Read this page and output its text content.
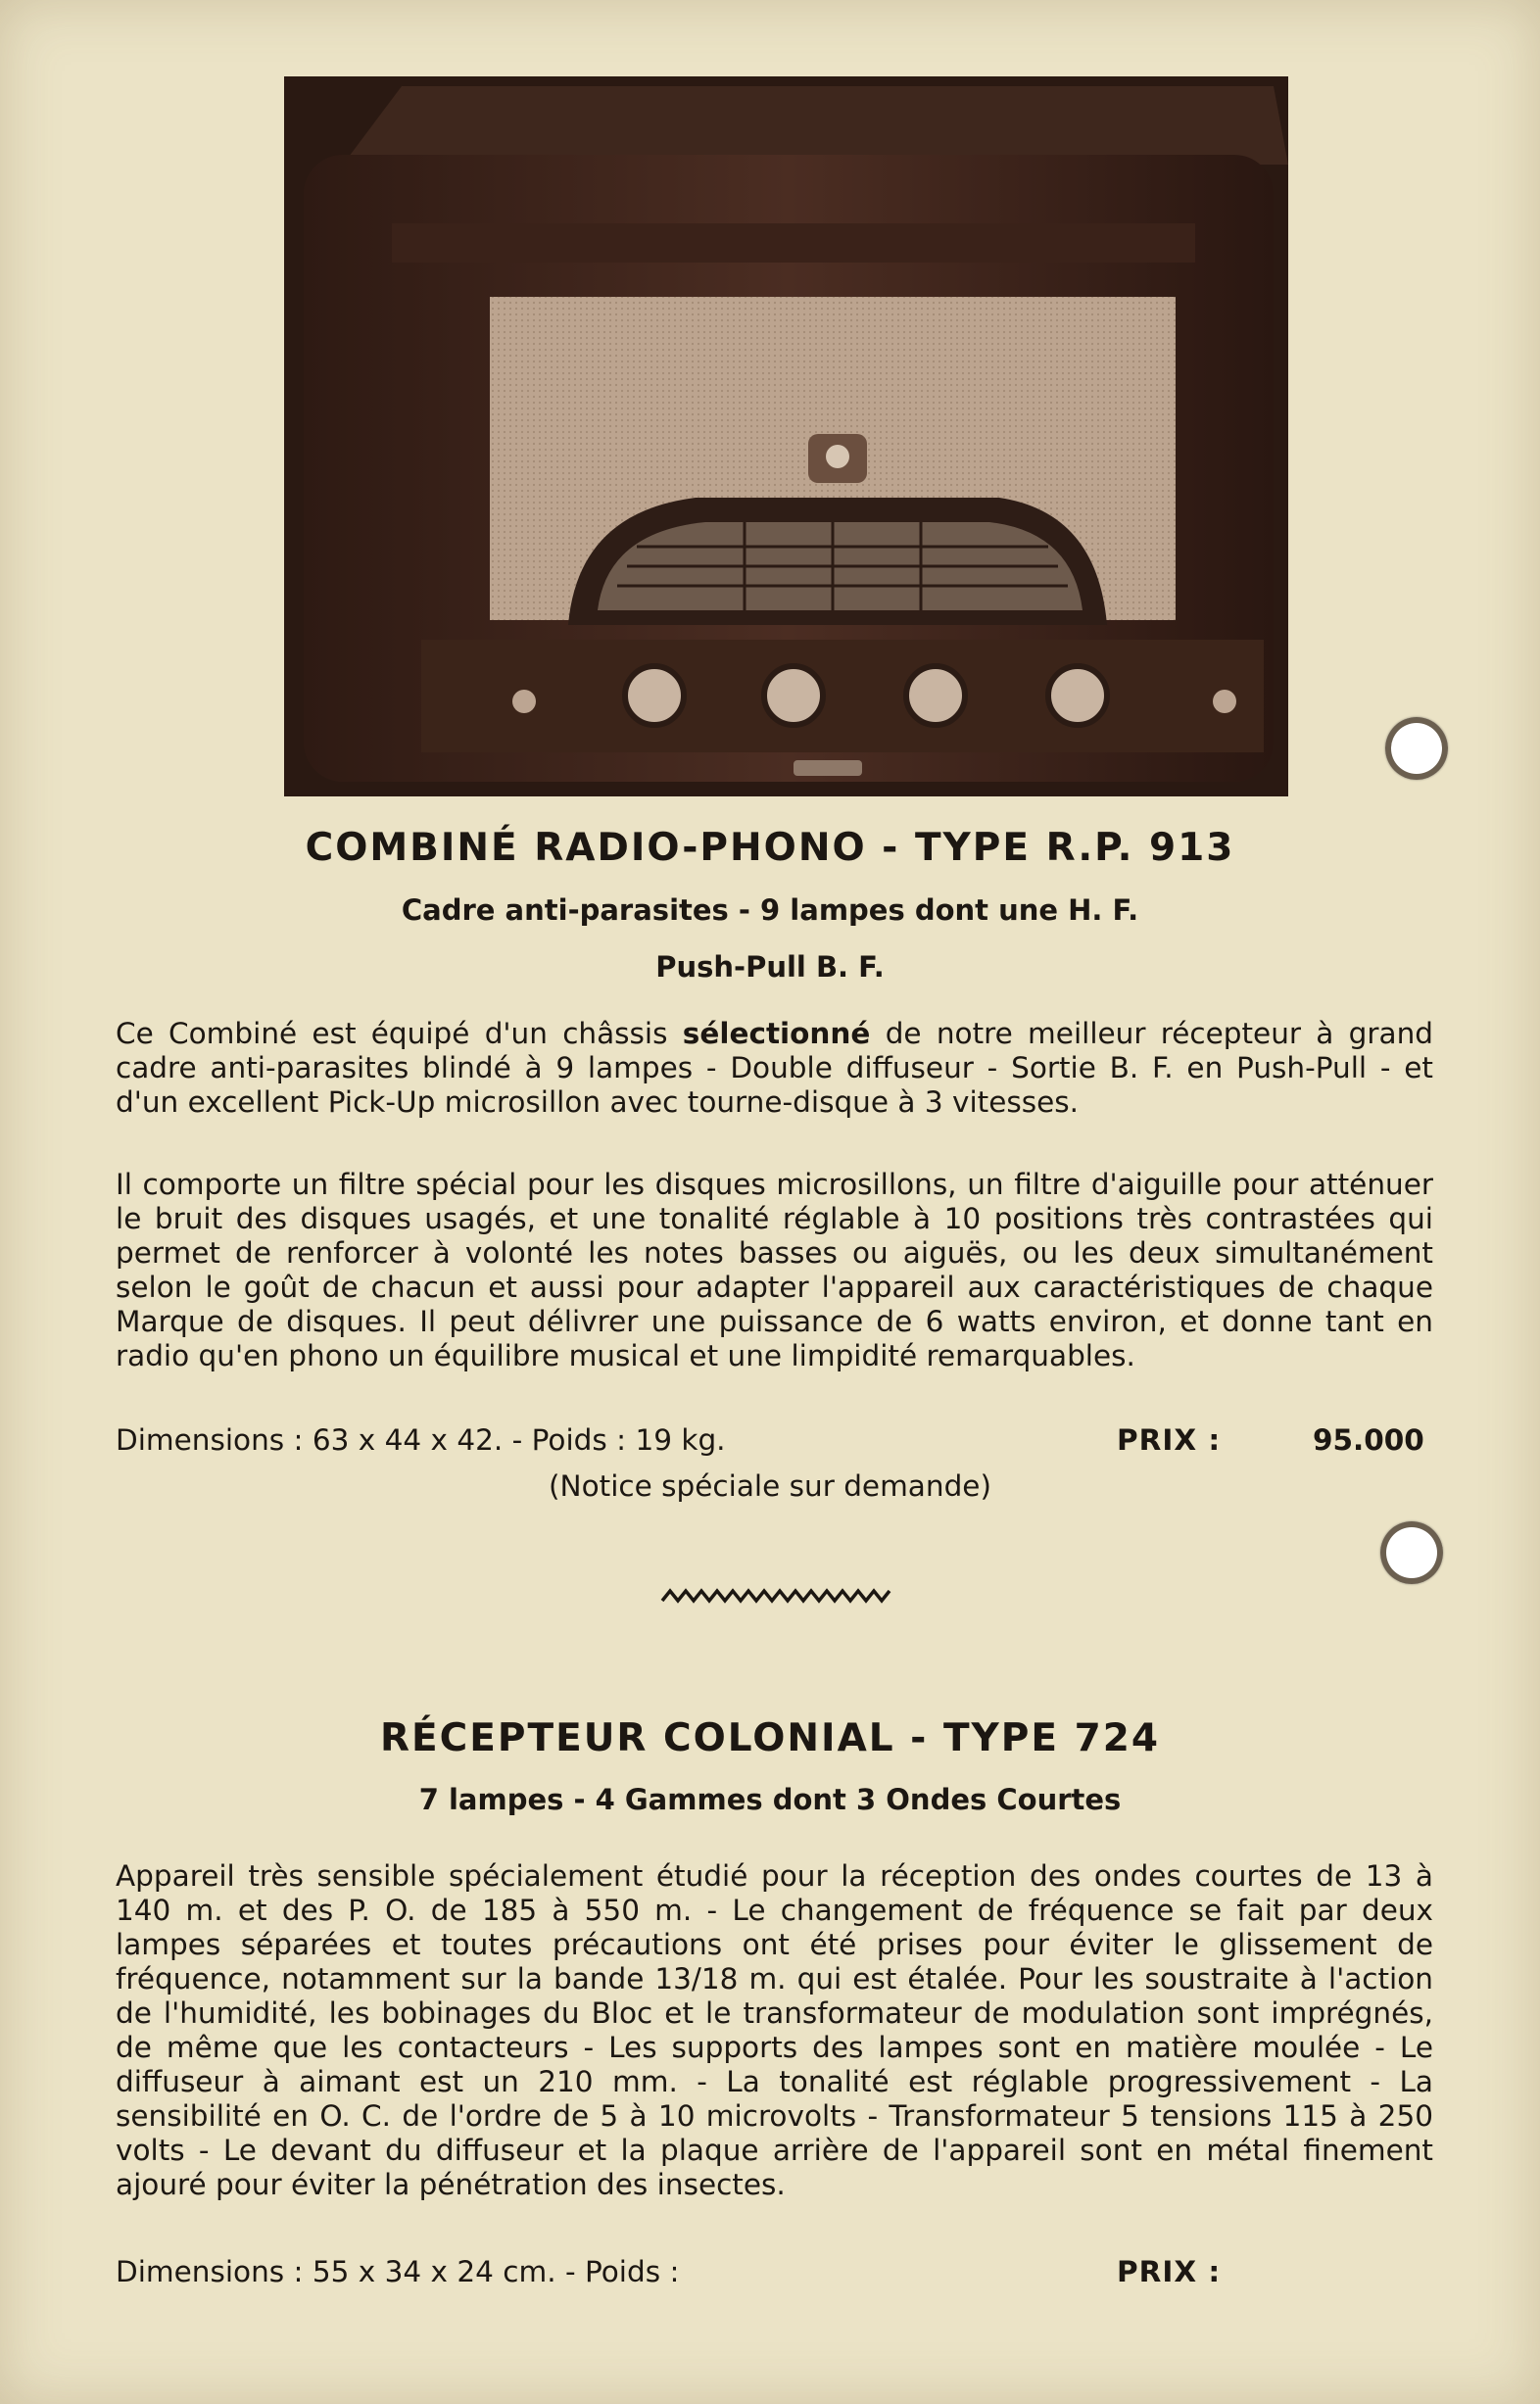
COMBINÉ RADIO-PHONO - TYPE R.P. 913
Cadre anti-parasites - 9 lampes dont une H. F.
Push-Pull B. F.
Ce Combiné est équipé d'un châssis sélectionné de notre meilleur récepteur à grand cadre anti-parasites blindé à 9 lampes - Double diffuseur - Sortie B. F. en Push-Pull - et d'un excellent Pick-Up microsillon avec tourne-disque à 3 vitesses.
Il comporte un filtre spécial pour les disques microsillons, un filtre d'aiguille pour atténuer le bruit des disques usagés, et une tonalité réglable à 10 positions très contrastées qui permet de renforcer à volonté les notes basses ou aiguës, ou les deux simultanément selon le goût de chacun et aussi pour adapter l'appareil aux caractéristiques de chaque Marque de disques. Il peut délivrer une puissance de 6 watts environ, et donne tant en radio qu'en phono un équilibre musical et une limpidité remarquables.
Dimensions : 63 x 44 x 42. - Poids : 19 kg.	PRIX :	95.000
(Notice spéciale sur demande)
RÉCEPTEUR COLONIAL - TYPE 724
7 lampes - 4 Gammes dont 3 Ondes Courtes
Appareil très sensible spécialement étudié pour la réception des ondes courtes de 13 à 140 m. et des P. O. de 185 à 550 m. - Le changement de fréquence se fait par deux lampes séparées et toutes précautions ont été prises pour éviter le glissement de fréquence, notamment sur la bande 13/18 m. qui est étalée. Pour les soustraite à l'action de l'humidité, les bobinages du Bloc et le transformateur de modulation sont imprégnés, de même que les contacteurs - Les supports des lampes sont en matière moulée - Le diffuseur à aimant est un 210 mm. - La tonalité est réglable progressivement - La sensibilité en O. C. de l'ordre de 5 à 10 microvolts - Transformateur 5 tensions 115 à 250 volts - Le devant du diffuseur et la plaque arrière de l'appareil sont en métal finement ajouré pour éviter la pénétration des insectes.
Dimensions : 55 x 34 x 24 cm. - Poids :	PRIX :
